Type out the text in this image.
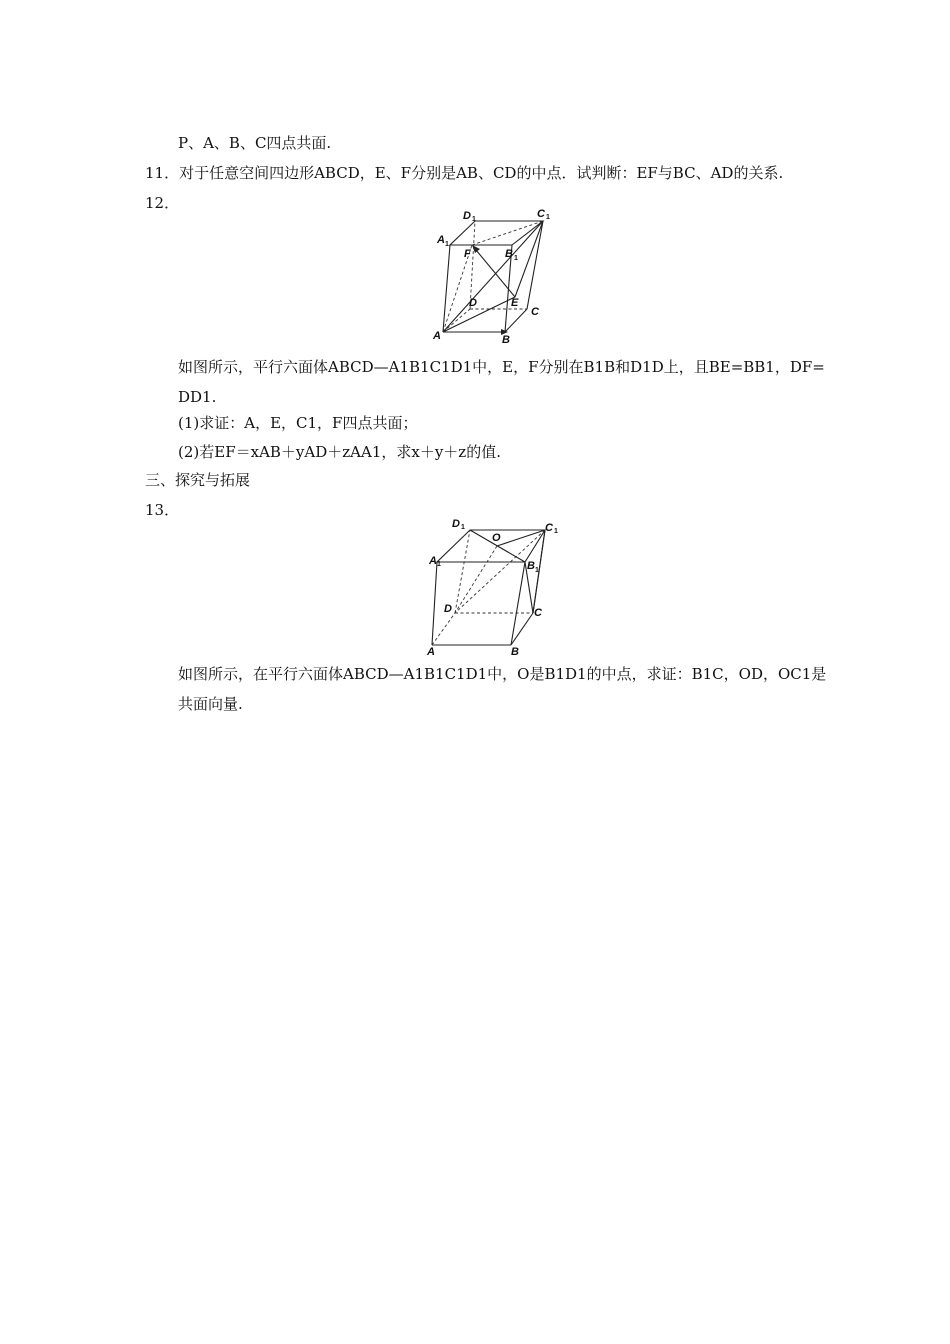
P、A、B、C四点共面.
11．对于任意空间四边形ABCD，E、F分别是AB、CD的中点．试判断：EF与BC、AD的关系.
12．
D 1	C 1
A 1
B 1
F
D	E
C
A	B
如图所示，平行六面体ABCD—A1B1C1D1中，E，F分别在B1B和D1D上，且BE=BB1，DF=
DD1.
(1)求证：A，E，C1，F四点共面；
(2)若EF＝xAB＋yAD＋zAA1，求x＋y＋z的值.
三、探究与拓展
13．
D 1	C 1
O
A 1	B 1
D	C
A	B
如图所示，在平行六面体ABCD—A1B1C1D1中，O是B1D1的中点，求证：B1C，OD，OC1是
共面向量.
